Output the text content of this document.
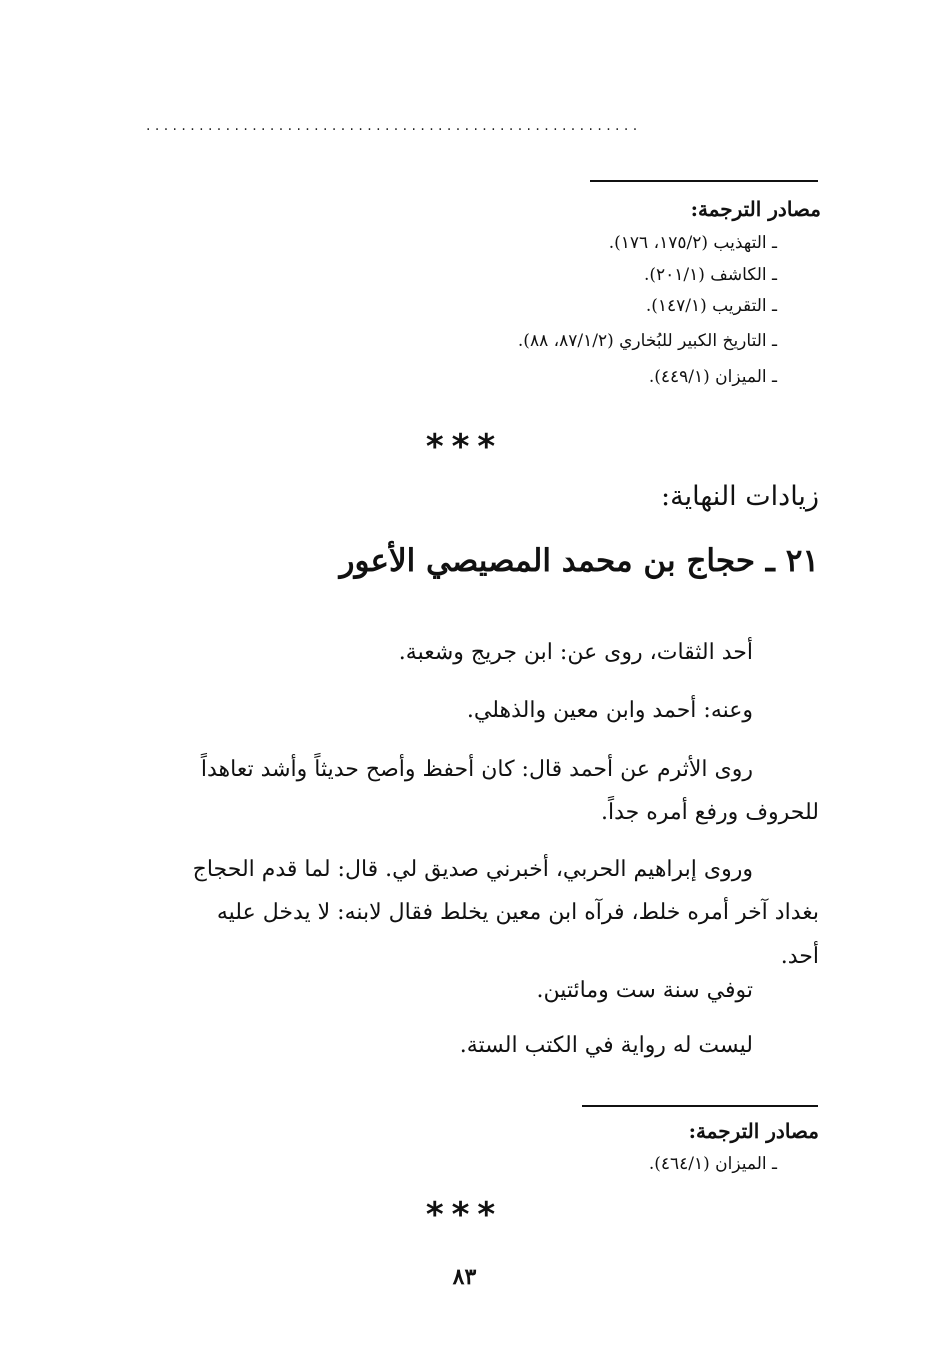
........................................................
مصادر الترجمة:
ـ التهذيب (١٧٥/٢، ١٧٦).
ـ الكاشف (٢٠١/١).
ـ التقريب (١٤٧/١).
ـ التاريخ الكبير للبُخاري (٨٧/١/٢، ٨٨).
ـ الميزان (٤٤٩/١).
***
زيادات النهاية:
٢١ ـ حجاج بن محمد المصيصي الأعور
أحد الثقات، روى عن: ابن جريج وشعبة.
وعنه: أحمد وابن معين والذهلي.
روى الأثرم عن أحمد قال: كان أحفظ وأصح حديثاً وأشد تعاهداً
للحروف ورفع أمره جداً.
وروى إبراهيم الحربي، أخبرني صديق لي. قال: لما قدم الحجاج
بغداد آخر أمره خلط، فرآه ابن معين يخلط فقال لابنه: لا يدخل عليه
أحد.
توفي سنة ست ومائتين.
ليست له رواية في الكتب الستة.
مصادر الترجمة:
ـ الميزان (٤٦٤/١).
***
٨٣
